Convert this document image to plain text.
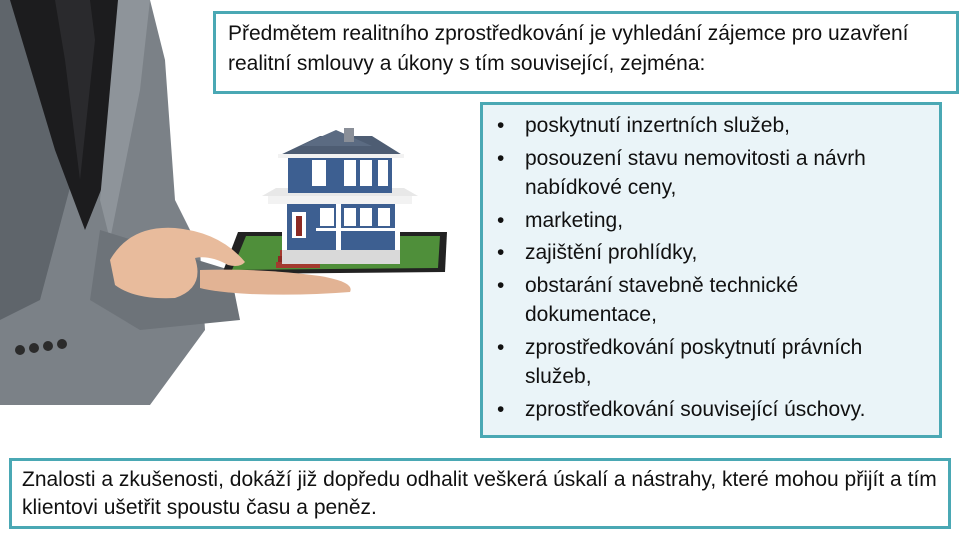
Předmětem realitního zprostředkování je vyhledání zájemce pro uzavření realitní smlouvy a úkony s tím související, zejména:

• poskytnutí inzertních služeb,
• posouzení stavu nemovitosti a návrh nabídkové ceny,
• marketing,
• zajištění prohlídky,
• obstarání stavebně technické dokumentace,
• zprostředkování poskytnutí právních služeb,
• zprostředkování související úschovy.

Znalosti a zkušenosti, dokáží již dopředu odhalit veškerá úskalí a nástrahy, které mohou přijít a tím klientovi ušetřit spoustu času a peněz.
